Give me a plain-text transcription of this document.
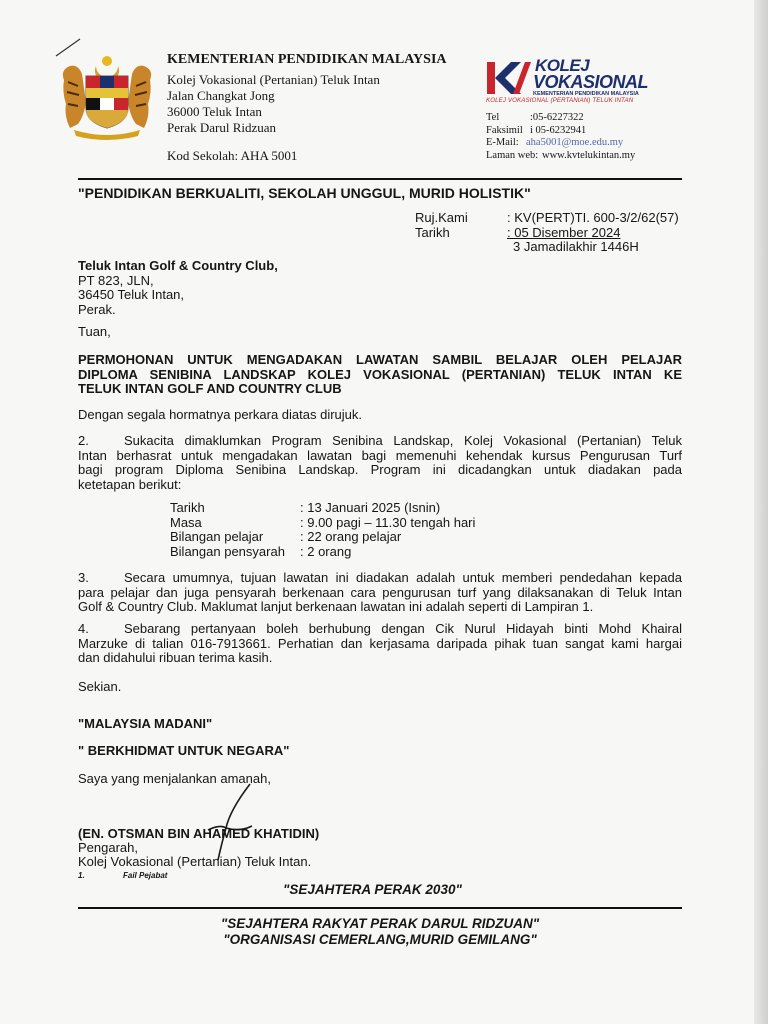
KEMENTERIAN PENDIDIKAN MALAYSIA
Kolej Vokasional (Pertanian) Teluk Intan
Jalan Changkat Jong
36000 Teluk Intan
Perak Darul Ridzuan
Kod Sekolah: AHA 5001
KOLEJ
VOKASIONAL
KEMENTERIAN PENDIDIKAN MALAYSIA
KOLEJ VOKASIONAL (PERTANIAN) TELUK INTAN
Tel	:05-6227322
Faksimil i 05-6232941
E-Mail: aha5001@moe.edu.my
Laman web: www.kvtelukintan.my
"PENDIDIKAN BERKUALITI, SEKOLAH UNGGUL, MURID HOLISTIK"
Ruj.Kami	: KV(PERT)TI. 600-3/2/62(57)
Tarikh	: 05 Disember 2024
3 Jamadilakhir 1446H
Teluk Intan Golf & Country Club,
PT 823, JLN,
36450 Teluk Intan,
Perak.
Tuan,
PERMOHONAN UNTUK MENGADAKAN LAWATAN SAMBIL BELAJAR OLEH PELAJAR
DIPLOMA SENIBINA LANDSKAP KOLEJ VOKASIONAL (PERTANIAN) TELUK INTAN KE
TELUK INTAN GOLF AND COUNTRY CLUB
Dengan segala hormatnya perkara diatas dirujuk.
2.	Sukacita dimaklumkan Program Senibina Landskap, Kolej Vokasional (Pertanian) Teluk
Intan berhasrat untuk mengadakan lawatan bagi memenuhi kehendak kursus Pengurusan Turf
bagi program Diploma Senibina Landskap. Program ini dicadangkan untuk diadakan pada
ketetapan berikut:
Tarikh	: 13 Januari 2025 (Isnin)
Masa	: 9.00 pagi – 11.30 tengah hari
Bilangan pelajar	: 22 orang pelajar
Bilangan pensyarah : 2 orang
3.	Secara umumnya, tujuan lawatan ini diadakan adalah untuk memberi pendedahan kepada
para pelajar dan juga pensyarah berkenaan cara pengurusan turf yang dilaksanakan di Teluk Intan
Golf & Country Club. Maklumat lanjut berkenaan lawatan ini adalah seperti di Lampiran 1.
4.	Sebarang pertanyaan boleh berhubung dengan Cik Nurul Hidayah binti Mohd Khairal
Marzuke di talian 016-7913661. Perhatian dan kerjasama daripada pihak tuan sangat kami hargai
dan didahului ribuan terima kasih.
Sekian.
"MALAYSIA MADANI"
" BERKHIDMAT UNTUK NEGARA"
Saya yang menjalankan amanah,
(EN. OTSMAN BIN AHAMED KHATIDIN)
Pengarah,
Kolej Vokasional (Pertanian) Teluk Intan.
1.	Fail Pejabat
"SEJAHTERA PERAK 2030"
"SEJAHTERA RAKYAT PERAK DARUL RIDZUAN"
"ORGANISASI CEMERLANG,MURID GEMILANG"
